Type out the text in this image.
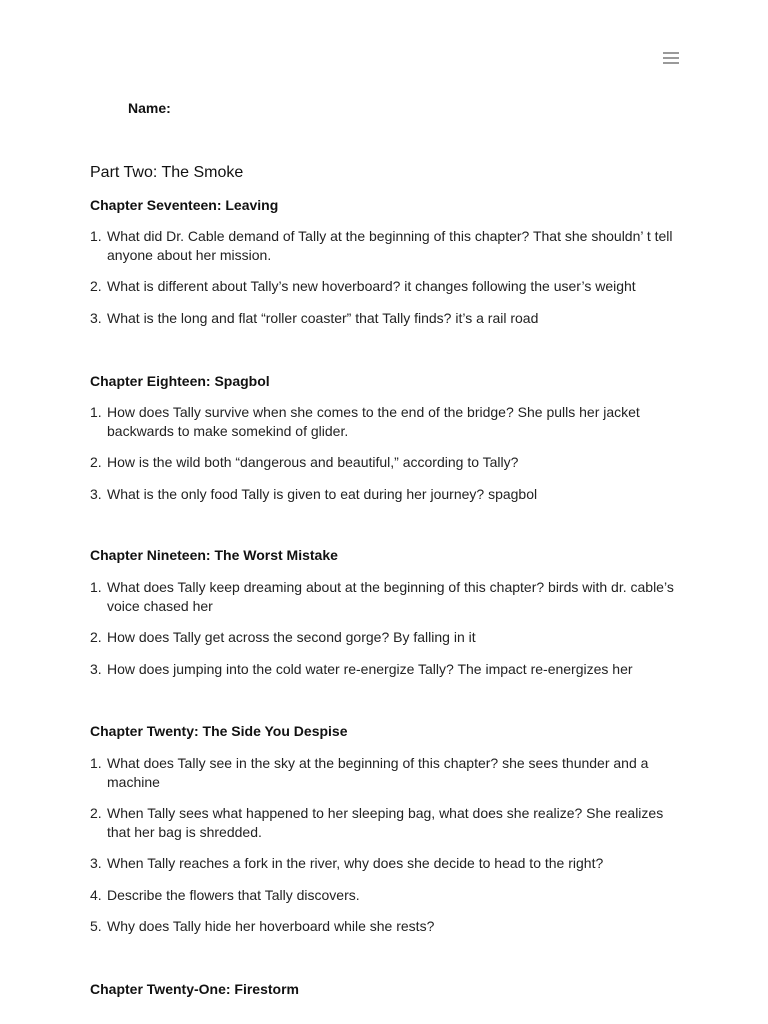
Name:
Part Two: The Smoke
Chapter Seventeen: Leaving
1. What did Dr. Cable demand of Tally at the beginning of this chapter? That she shouldn’ t tell anyone about her mission.
2. What is different about Tally’s new hoverboard? it changes following the user’s weight
3. What is the long and flat “roller coaster” that Tally finds? it’s a rail road
Chapter Eighteen: Spagbol
1. How does Tally survive when she comes to the end of the bridge? She pulls her jacket backwards to make somekind of glider.
2. How is the wild both “dangerous and beautiful,” according to Tally?
3. What is the only food Tally is given to eat during her journey? spagbol
Chapter Nineteen: The Worst Mistake
1. What does Tally keep dreaming about at the beginning of this chapter? birds with dr. cable’s voice chased her
2. How does Tally get across the second gorge? By falling in it
3. How does jumping into the cold water re-energize Tally? The impact re-energizes her
Chapter Twenty: The Side You Despise
1. What does Tally see in the sky at the beginning of this chapter? she sees thunder and a machine
2. When Tally sees what happened to her sleeping bag, what does she realize? She realizes that her bag is shredded.
3. When Tally reaches a fork in the river, why does she decide to head to the right?
4. Describe the flowers that Tally discovers.
5. Why does Tally hide her hoverboard while she rests?
Chapter Twenty-One: Firestorm
